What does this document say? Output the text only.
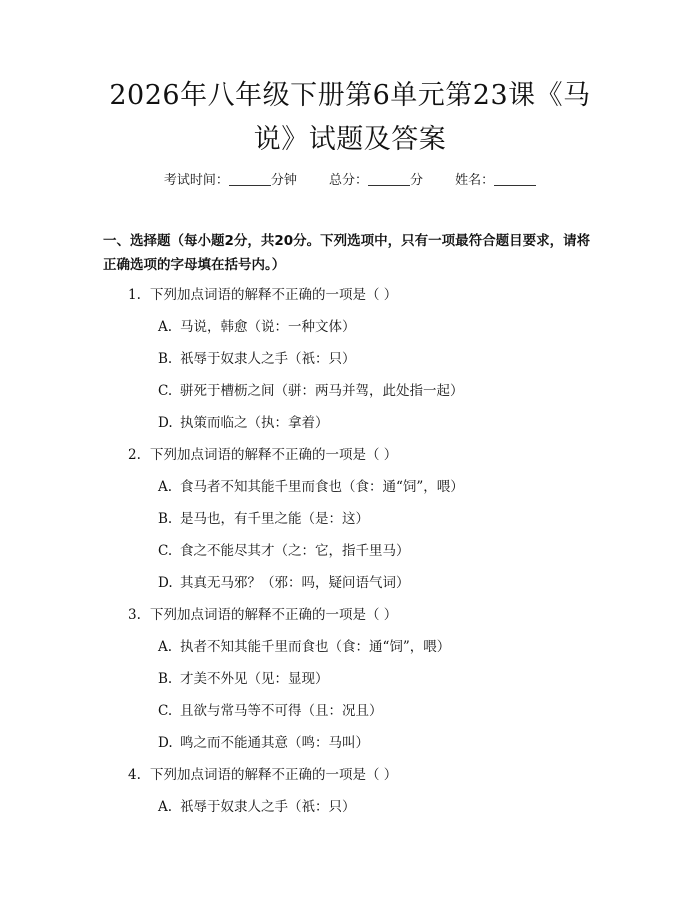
2026年八年级下册第6单元第23课《马
说》试题及答案
考试时间：	分钟 总分：	分 姓名：
一、选择题（每小题2分，共20分。下列选项中，只有一项最符合题目要求，请将正确选项的字母填在括号内。）
1. 下列加点词语的解释不正确的一项是（ ）
A. 马说，韩愈（说：一种文体）
B. 祇辱于奴隶人之手（祇：只）
C. 骈死于槽枥之间（骈：两马并驾，此处指一起）
D. 执策而临之（执：拿着）
2. 下列加点词语的解释不正确的一项是（ ）
A. 食马者不知其能千里而食也（食：通“饲”，喂）
B. 是马也，有千里之能（是：这）
C. 食之不能尽其才（之：它，指千里马）
D. 其真无马邪？（邪：吗，疑问语气词）
3. 下列加点词语的解释不正确的一项是（ ）
A. 执者不知其能千里而食也（食：通“饲”，喂）
B. 才美不外见（见：显现）
C. 且欲与常马等不可得（且：况且）
D. 鸣之而不能通其意（鸣：马叫）
4. 下列加点词语的解释不正确的一项是（ ）
A. 祇辱于奴隶人之手（祇：只）
